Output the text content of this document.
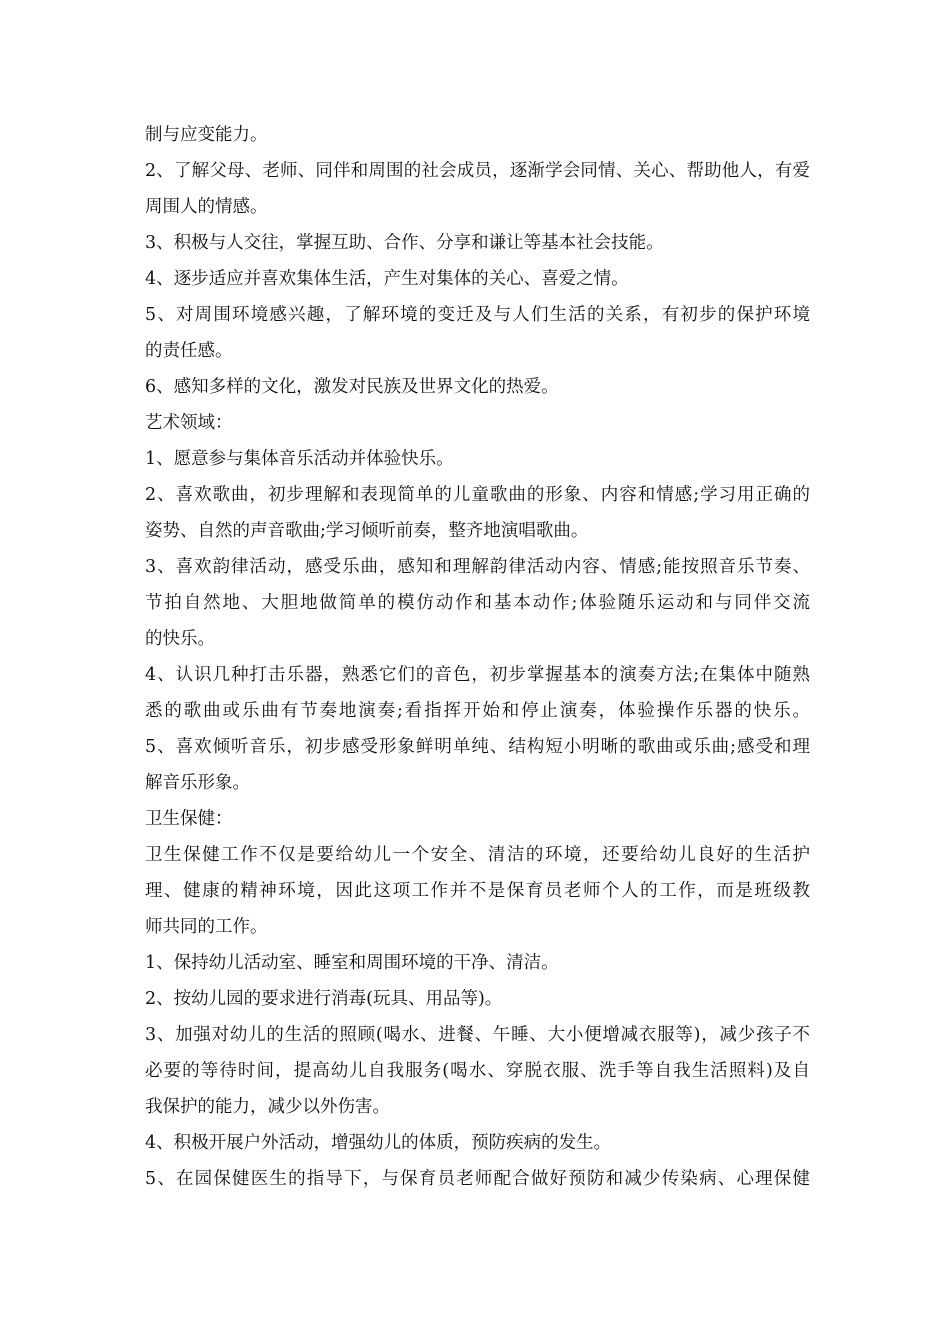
制与应变能力。
2、了解父母、老师、同伴和周围的社会成员，逐渐学会同情、关心、帮助他人，有爱
周围人的情感。
3、积极与人交往，掌握互助、合作、分享和谦让等基本社会技能。
4、逐步适应并喜欢集体生活，产生对集体的关心、喜爱之情。
5、对周围环境感兴趣，了解环境的变迁及与人们生活的关系，有初步的保护环境
的责任感。
6、感知多样的文化，激发对民族及世界文化的热爱。
艺术领域：
1、愿意参与集体音乐活动并体验快乐。
2、喜欢歌曲，初步理解和表现简单的儿童歌曲的形象、内容和情感;学习用正确的
姿势、自然的声音歌曲;学习倾听前奏，整齐地演唱歌曲。
3、喜欢韵律活动，感受乐曲，感知和理解韵律活动内容、情感;能按照音乐节奏、
节拍自然地、大胆地做简单的模仿动作和基本动作;体验随乐运动和与同伴交流
的快乐。
4、认识几种打击乐器，熟悉它们的音色，初步掌握基本的演奏方法;在集体中随熟
悉的歌曲或乐曲有节奏地演奏;看指挥开始和停止演奏，体验操作乐器的快乐。
5、喜欢倾听音乐，初步感受形象鲜明单纯、结构短小明晰的歌曲或乐曲;感受和理
解音乐形象。
卫生保健：
卫生保健工作不仅是要给幼儿一个安全、清洁的环境，还要给幼儿良好的生活护
理、健康的精神环境，因此这项工作并不是保育员老师个人的工作，而是班级教
师共同的工作。
1、保持幼儿活动室、睡室和周围环境的干净、清洁。
2、按幼儿园的要求进行消毒(玩具、用品等)。
3、加强对幼儿的生活的照顾(喝水、进餐、午睡、大小便增减衣服等)，减少孩子不
必要的等待时间，提高幼儿自我服务(喝水、穿脱衣服、洗手等自我生活照料)及自
我保护的能力，减少以外伤害。
4、积极开展户外活动，增强幼儿的体质，预防疾病的发生。
5、在园保健医生的指导下，与保育员老师配合做好预防和减少传染病、心理保健
